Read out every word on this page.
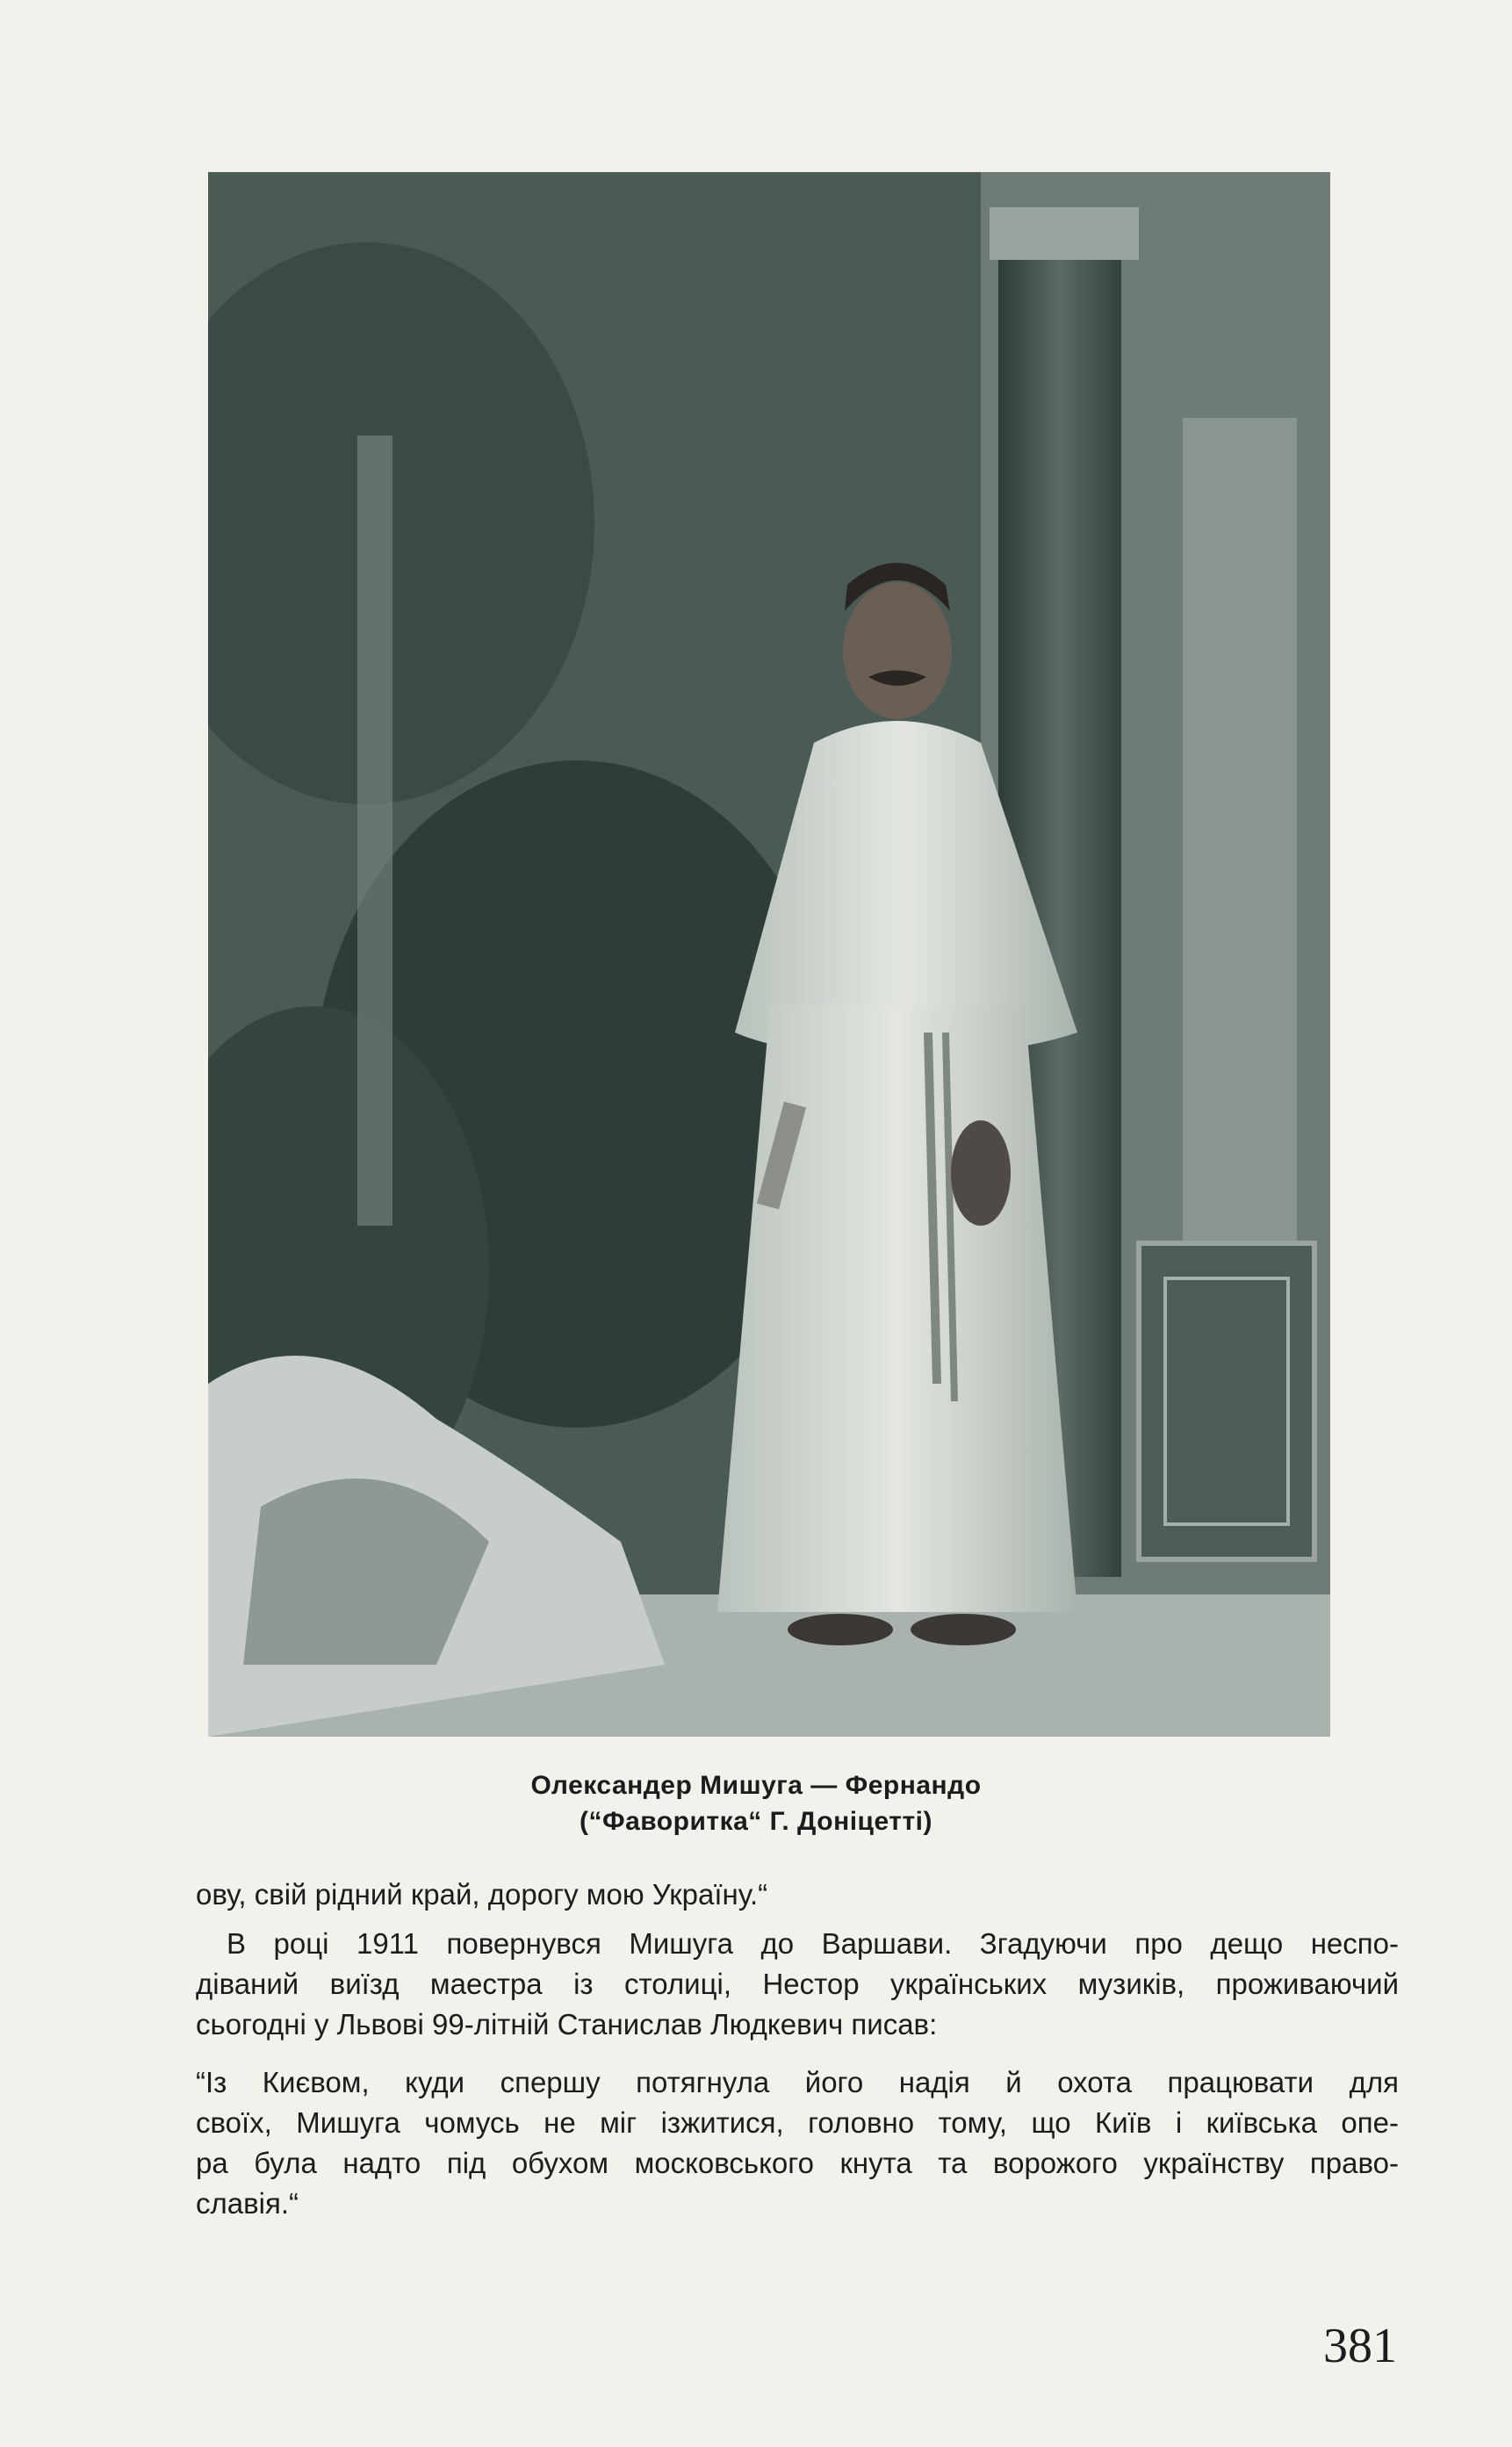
Олександер Мишуга — Фернандо
(“Фаворитка“ Г. Доніцетті)
ову, свій рідний край, дорогу мою Україну.“
В році 1911 повернувся Мишуга до Варшави. Згадуючи про дещо неспо-
діваний виїзд маестра із столиці, Нестор українських музиків, проживаючий
сьогодні у Львові 99-літній Станислав Людкевич писав:
“Із Києвом, куди спершу потягнула його надія й охота працювати для
своїх, Мишуга чомусь не міг ізжитися, головно тому, що Київ і київська опе-
ра була надто під обухом московського кнута та ворожого українству право-
славія.“
381
